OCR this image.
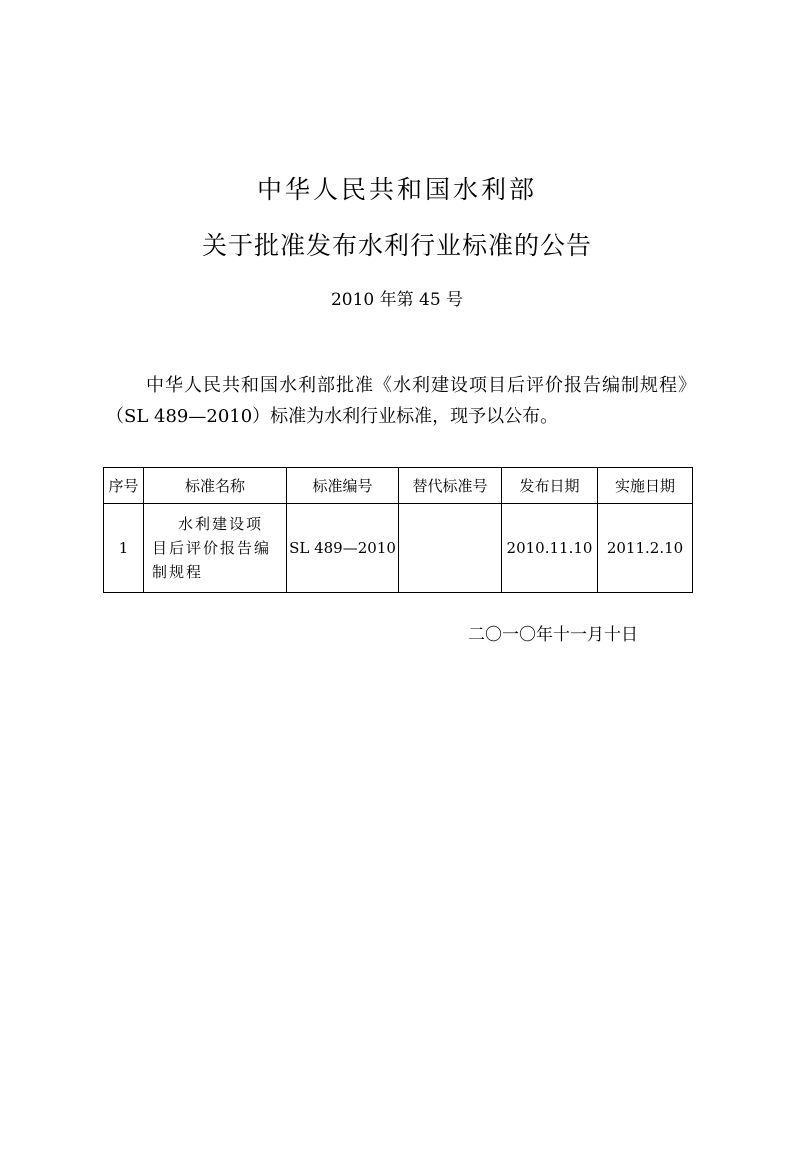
中华人民共和国水利部
关于批准发布水利行业标准的公告
2010 年第 45 号
中华人民共和国水利部批准《水利建设项目后评价报告编制规程》（SL 489—2010）标准为水利行业标准，现予以公布。
序号	标准名称	标准编号	替代标准号	发布日期	实施日期
1	水利建设项目后评价报告编制规程	SL 489—2010		2010.11.10	2011.2.10
二〇一〇年十一月十日
